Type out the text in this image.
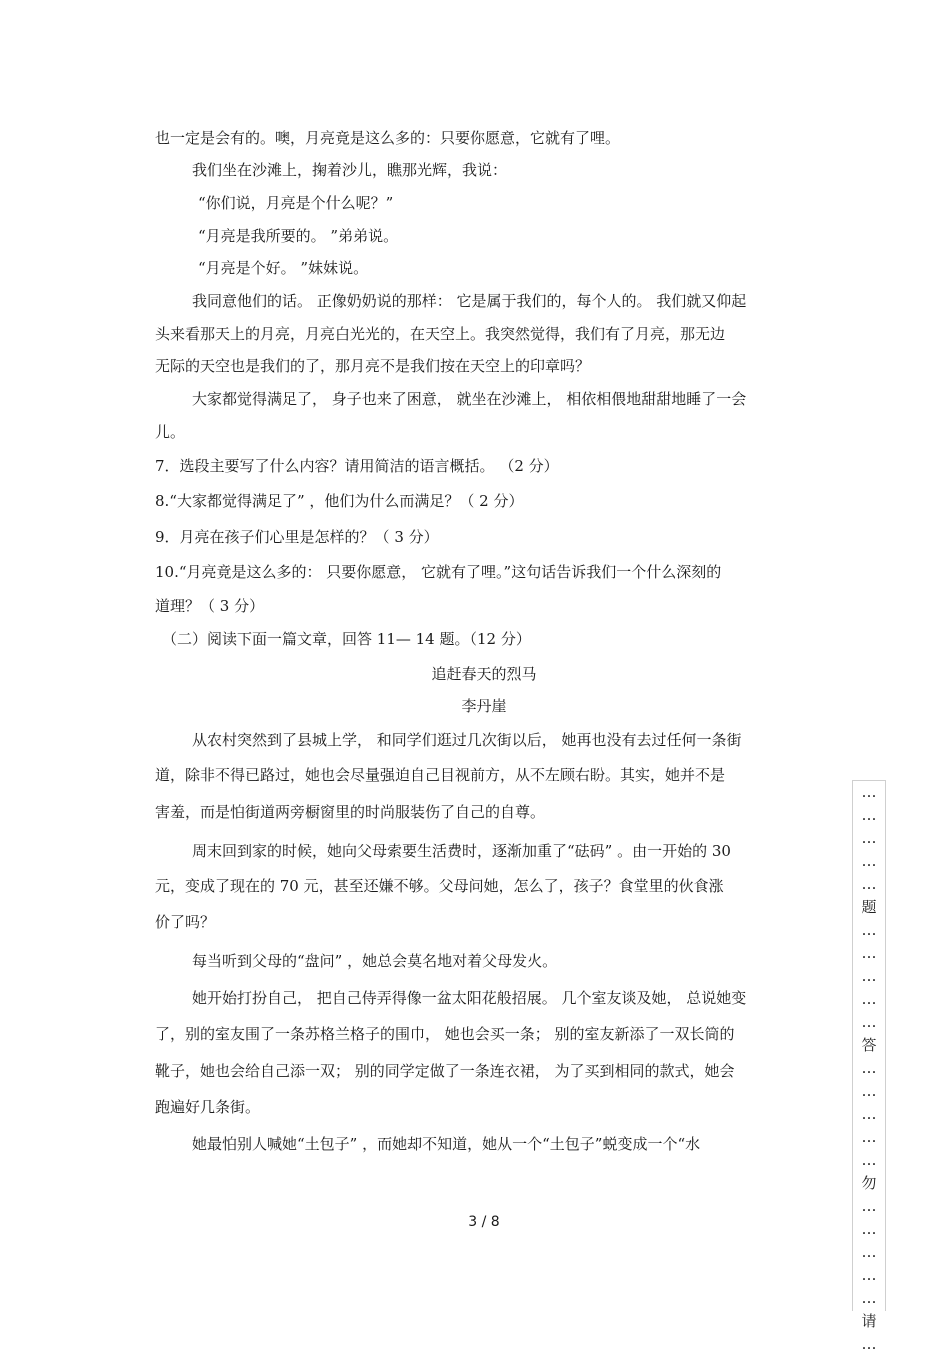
也一定是会有的。噢，月亮竟是这么多的：只要你愿意，它就有了哩。
我们坐在沙滩上，掬着沙儿，瞧那光辉，我说：
“你们说，月亮是个什么呢？”
“月亮是我所要的。 ”弟弟说。
“月亮是个好。 ”妹妹说。
我同意他们的话。 正像奶奶说的那样： 它是属于我们的，每个人的。 我们就又仰起
头来看那天上的月亮，月亮白光光的，在天空上。我突然觉得，我们有了月亮，那无边
无际的天空也是我们的了，那月亮不是我们按在天空上的印章吗？
大家都觉得满足了， 身子也来了困意， 就坐在沙滩上， 相依相偎地甜甜地睡了一会
儿。
7．选段主要写了什么内容？请用简洁的语言概括。 （2 分）
8.“大家都觉得满足了” ，他们为什么而满足？（ 2 分）
9．月亮在孩子们心里是怎样的？（ 3 分）
10.“月亮竟是这么多的： 只要你愿意， 它就有了哩。”这句话告诉我们一个什么深刻的
道理？（ 3 分）
（二）阅读下面一篇文章，回答 11— 14 题。（12 分）
追赶春天的烈马
李丹崖
从农村突然到了县城上学， 和同学们逛过几次街以后， 她再也没有去过任何一条街
道，除非不得已路过，她也会尽量强迫自己目视前方，从不左顾右盼。其实，她并不是
害羞，而是怕街道两旁橱窗里的时尚服装伤了自己的自尊。
周末回到家的时候，她向父母索要生活费时，逐渐加重了“砝码” 。由一开始的 30
元，变成了现在的 70 元，甚至还嫌不够。父母问她，怎么了，孩子？食堂里的伙食涨
价了吗？
每当听到父母的“盘问” ，她总会莫名地对着父母发火。
她开始打扮自己， 把自己侍弄得像一盆太阳花般招展。 几个室友谈及她， 总说她变
了，别的室友围了一条苏格兰格子的围巾， 她也会买一条； 别的室友新添了一双长筒的
靴子，她也会给自己添一双； 别的同学定做了一条连衣裙， 为了买到相同的款式，她会
跑遍好几条街。
她最怕别人喊她“土包子” ，而她却不知道，她从一个“土包子”蜕变成一个“水
3 / 8
…
…
…
…
…
题
…
…
…
…
…
答
…
…
…
…
…
勿
…
…
…
…
…
请
…
